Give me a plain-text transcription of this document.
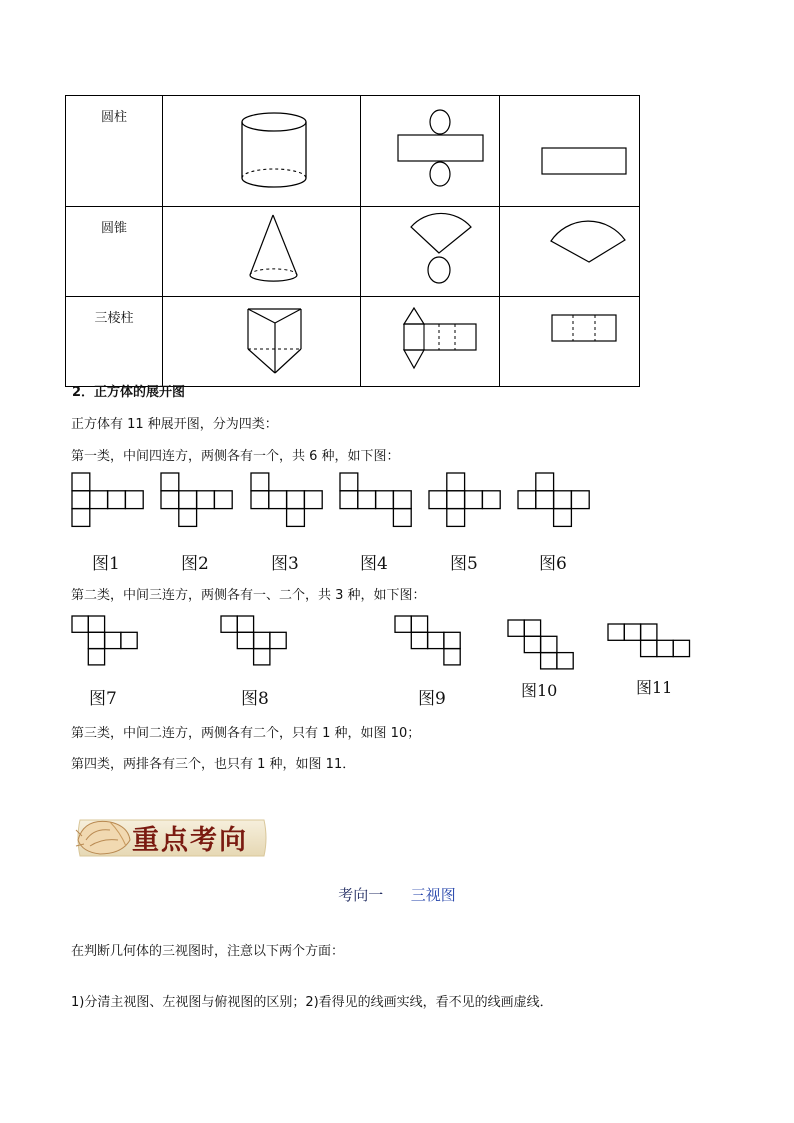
圆柱			
圆锥			
三棱柱			
2．正方体的展开图
正方体有 11 种展开图，分为四类：
第一类，中间四连方，两侧各有一个，共 6 种，如下图：
图1	图2	图3	图4	图5	图6
第二类，中间三连方，两侧各有一、二个，共 3 种，如下图：
图7	图8	图9	图10	图11
第三类，中间二连方，两侧各有二个，只有 1 种，如图 10；
第四类，两排各有三个，也只有 1 种，如图 11．
重点考向
考向一 三视图
在判断几何体的三视图时，注意以下两个方面：
1)分清主视图、左视图与俯视图的区别；2)看得见的线画实线，看不见的线画虚线．
